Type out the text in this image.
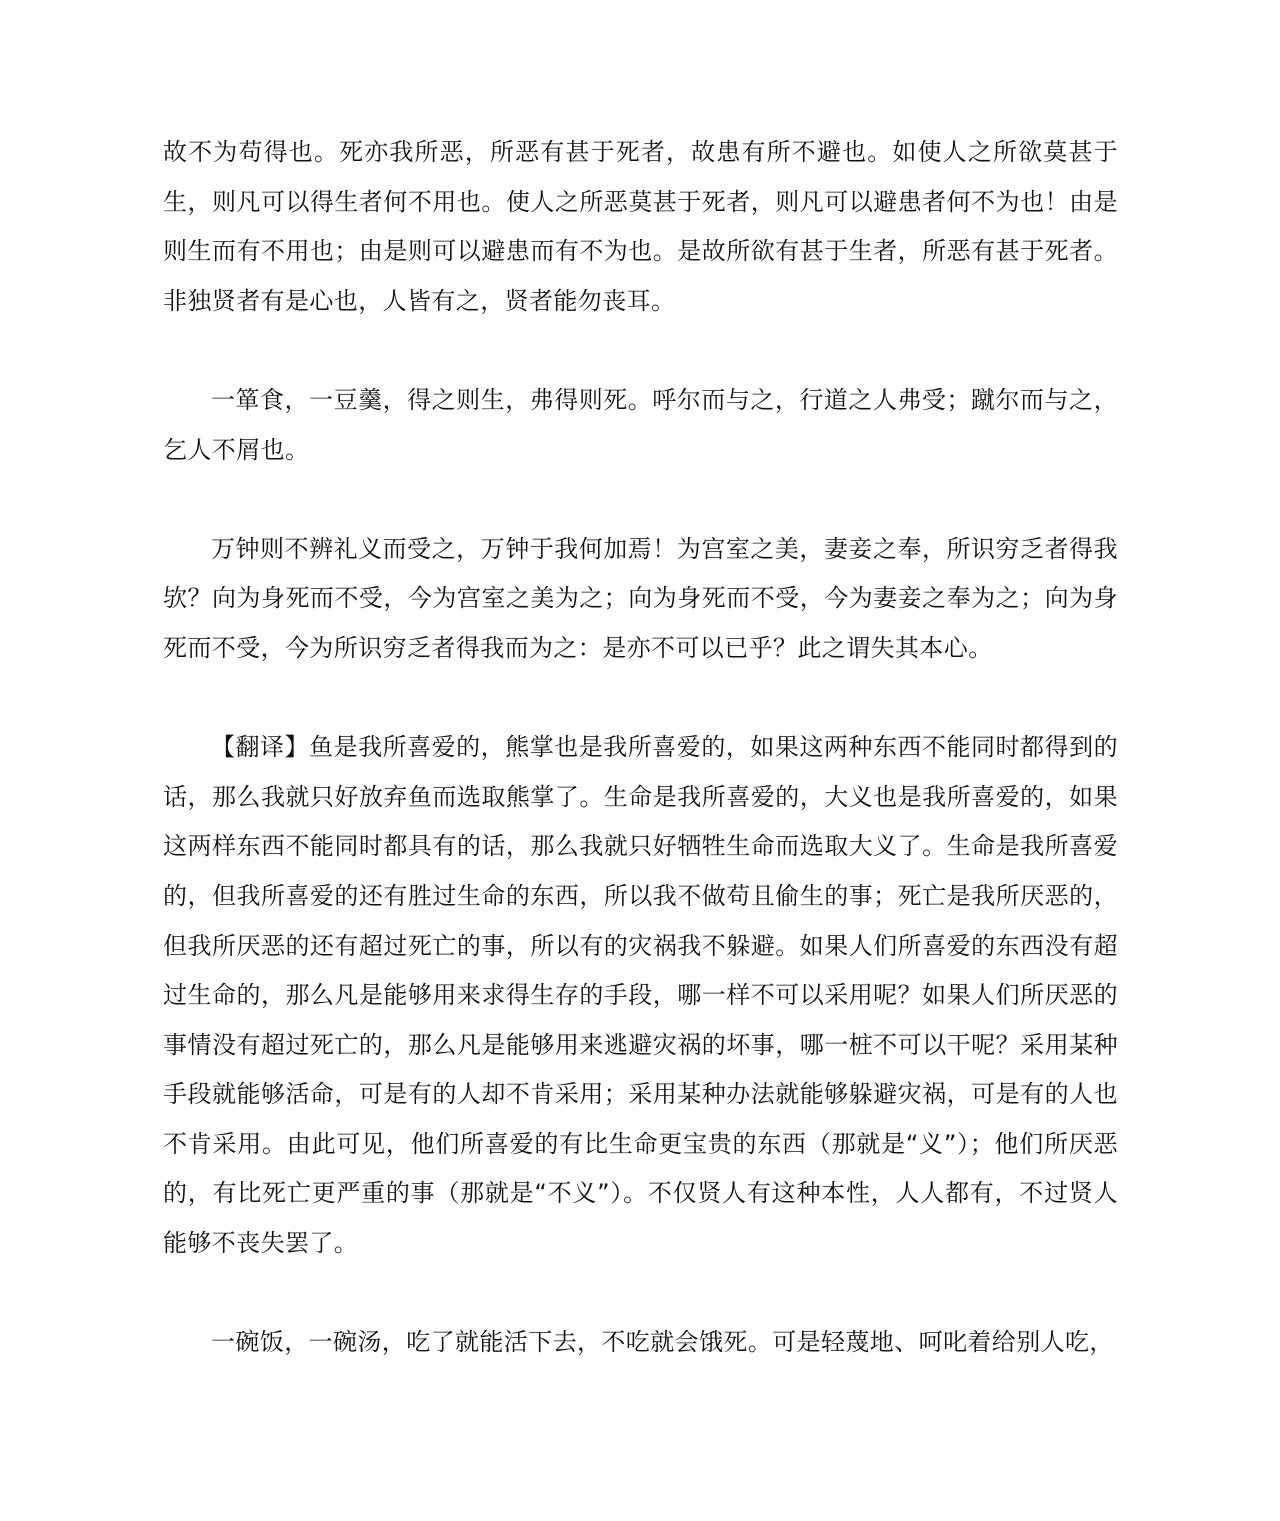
故不为苟得也。死亦我所恶，所恶有甚于死者，故患有所不避也。如使人之所欲莫甚于生，则凡可以得生者何不用也。使人之所恶莫甚于死者，则凡可以避患者何不为也！由是则生而有不用也；由是则可以避患而有不为也。是故所欲有甚于生者，所恶有甚于死者。非独贤者有是心也，人皆有之，贤者能勿丧耳。

一箪食，一豆羹，得之则生，弗得则死。呼尔而与之，行道之人弗受；蹴尔而与之，乞人不屑也。

万钟则不辨礼义而受之，万钟于我何加焉！为宫室之美，妻妾之奉，所识穷乏者得我欤？向为身死而不受，今为宫室之美为之；向为身死而不受，今为妻妾之奉为之；向为身死而不受，今为所识穷乏者得我而为之：是亦不可以已乎？此之谓失其本心。

【翻译】鱼是我所喜爱的，熊掌也是我所喜爱的，如果这两种东西不能同时都得到的话，那么我就只好放弃鱼而选取熊掌了。生命是我所喜爱的，大义也是我所喜爱的，如果这两样东西不能同时都具有的话，那么我就只好牺牲生命而选取大义了。生命是我所喜爱的，但我所喜爱的还有胜过生命的东西，所以我不做苟且偷生的事；死亡是我所厌恶的，但我所厌恶的还有超过死亡的事，所以有的灾祸我不躲避。如果人们所喜爱的东西没有超过生命的，那么凡是能够用来求得生存的手段，哪一样不可以采用呢？如果人们所厌恶的事情没有超过死亡的，那么凡是能够用来逃避灾祸的坏事，哪一桩不可以干呢？采用某种手段就能够活命，可是有的人却不肯采用；采用某种办法就能够躲避灾祸，可是有的人也不肯采用。由此可见，他们所喜爱的有比生命更宝贵的东西（那就是“义”）；他们所厌恶的，有比死亡更严重的事（那就是“不义”）。不仅贤人有这种本性，人人都有，不过贤人能够不丧失罢了。

一碗饭，一碗汤，吃了就能活下去，不吃就会饿死。可是轻蔑地、呵叱着给别人吃，
